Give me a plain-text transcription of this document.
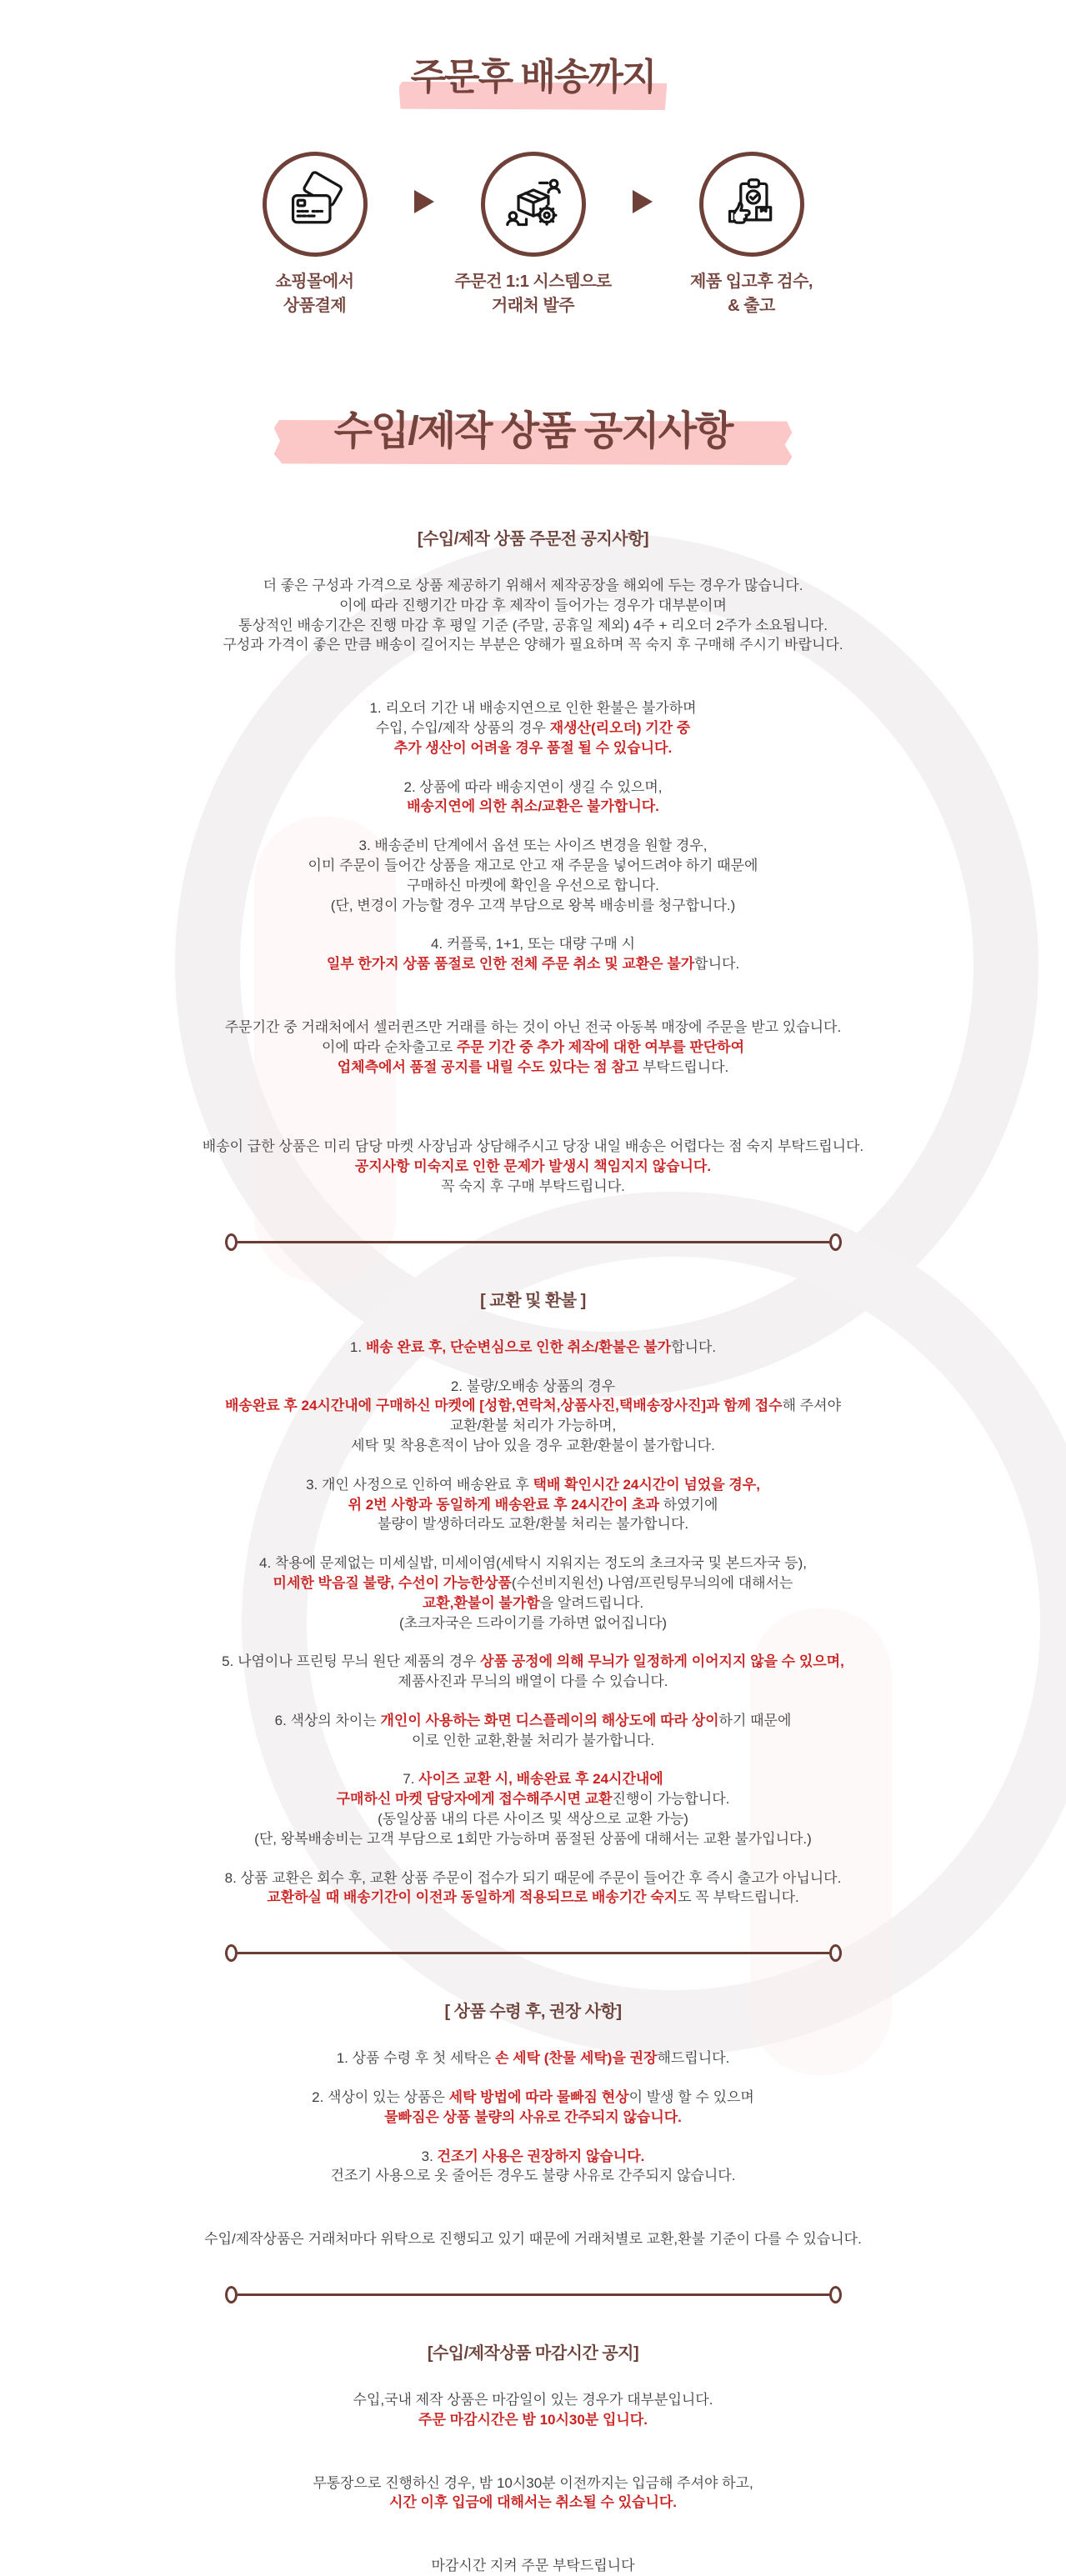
주문후 배송까지
쇼핑몰에서
상품결제
주문건 1:1 시스템으로
거래처 발주
제품 입고후 검수,
& 출고
수입/제작 상품 공지사항
[수입/제작 상품 주문전 공지사항]
더 좋은 구성과 가격으로 상품 제공하기 위해서 제작공장을 해외에 두는 경우가 많습니다.
이에 따라 진행기간 마감 후 제작이 들어가는 경우가 대부분이며
통상적인 배송기간은 진행 마감 후 평일 기준 (주말, 공휴일 제외) 4주 + 리오더 2주가 소요됩니다.
구성과 가격이 좋은 만큼 배송이 길어지는 부분은 양해가 필요하며 꼭 숙지 후 구매해 주시기 바랍니다.
1. 리오더 기간 내 배송지연으로 인한 환불은 불가하며
수입, 수입/제작 상품의 경우 재생산(리오더) 기간 중
추가 생산이 어려울 경우 품절 될 수 있습니다.
2. 상품에 따라 배송지연이 생길 수 있으며,
배송지연에 의한 취소/교환은 불가합니다.
3. 배송준비 단계에서 옵션 또는 사이즈 변경을 원할 경우,
이미 주문이 들어간 상품을 재고로 안고 재 주문을 넣어드려야 하기 때문에
구매하신 마켓에 확인을 우선으로 합니다.
(단, 변경이 가능할 경우 고객 부담으로 왕복 배송비를 청구합니다.)
4. 커플룩, 1+1, 또는 대량 구매 시
일부 한가지 상품 품절로 인한 전체 주문 취소 및 교환은 불가합니다.
주문기간 중 거래처에서 셀러퀸즈만 거래를 하는 것이 아닌 전국 아동복 매장에 주문을 받고 있습니다.
이에 따라 순차출고로 주문 기간 중 추가 제작에 대한 여부를 판단하여
업체측에서 품절 공지를 내릴 수도 있다는 점 참고 부탁드립니다.
배송이 급한 상품은 미리 담당 마켓 사장님과 상담해주시고 당장 내일 배송은 어렵다는 점 숙지 부탁드립니다.
공지사항 미숙지로 인한 문제가 발생시 책임지지 않습니다.
꼭 숙지 후 구매 부탁드립니다.
[ 교환 및 환불 ]
1. 배송 완료 후, 단순변심으로 인한 취소/환불은 불가합니다.
2. 불량/오배송 상품의 경우
배송완료 후 24시간내에 구매하신 마켓에 [성함,연락처,상품사진,택배송장사진]과 함께 접수해 주셔야
교환/환불 처리가 가능하며,
세탁 및 착용흔적이 남아 있을 경우 교환/환불이 불가합니다.
3. 개인 사정으로 인하여 배송완료 후 택배 확인시간 24시간이 넘었을 경우,
위 2번 사항과 동일하게 배송완료 후 24시간이 초과 하였기에
불량이 발생하더라도 교환/환불 처리는 불가합니다.
4. 착용에 문제없는 미세실밥, 미세이염(세탁시 지워지는 정도의 초크자국 및 본드자국 등),
미세한 박음질 불량, 수선이 가능한상품(수선비지원선) 나염/프린팅무늬의에 대해서는
교환,환불이 불가함을 알려드립니다.
(초크자국은 드라이기를 가하면 없어집니다)
5. 나염이나 프린팅 무늬 원단 제품의 경우 상품 공정에 의해 무늬가 일정하게 이어지지 않을 수 있으며,
제품사진과 무늬의 배열이 다를 수 있습니다.
6. 색상의 차이는 개인이 사용하는 화면 디스플레이의 해상도에 따라 상이하기 때문에
이로 인한 교환,환불 처리가 불가합니다.
7. 사이즈 교환 시, 배송완료 후 24시간내에
구매하신 마켓 담당자에게 접수해주시면 교환진행이 가능합니다.
(동일상품 내의 다른 사이즈 및 색상으로 교환 가능)
(단, 왕복배송비는 고객 부담으로 1회만 가능하며 품절된 상품에 대해서는 교환 불가입니다.)
8. 상품 교환은 회수 후, 교환 상품 주문이 접수가 되기 때문에 주문이 들어간 후 즉시 출고가 아닙니다.
교환하실 때 배송기간이 이전과 동일하게 적용되므로 배송기간 숙지도 꼭 부탁드립니다.
[ 상품 수령 후, 권장 사항]
1. 상품 수령 후 첫 세탁은 손 세탁 (찬물 세탁)을 권장해드립니다.
2. 색상이 있는 상품은 세탁 방법에 따라 물빠짐 현상이 발생 할 수 있으며
물빠짐은 상품 불량의 사유로 간주되지 않습니다.
3. 건조기 사용은 권장하지 않습니다.
건조기 사용으로 옷 줄어든 경우도 불량 사유로 간주되지 않습니다.
수입/제작상품은 거래처마다 위탁으로 진행되고 있기 때문에 거래처별로 교환,환불 기준이 다를 수 있습니다.
[수입/제작상품 마감시간 공지]
수입,국내 제작 상품은 마감일이 있는 경우가 대부분입니다.
주문 마감시간은 밤 10시30분 입니다.
무통장으로 진행하신 경우, 밤 10시30분 이전까지는 입금해 주셔야 하고,
시간 이후 입금에 대해서는 취소될 수 있습니다.
마감시간 지켜 주문 부탁드립니다
